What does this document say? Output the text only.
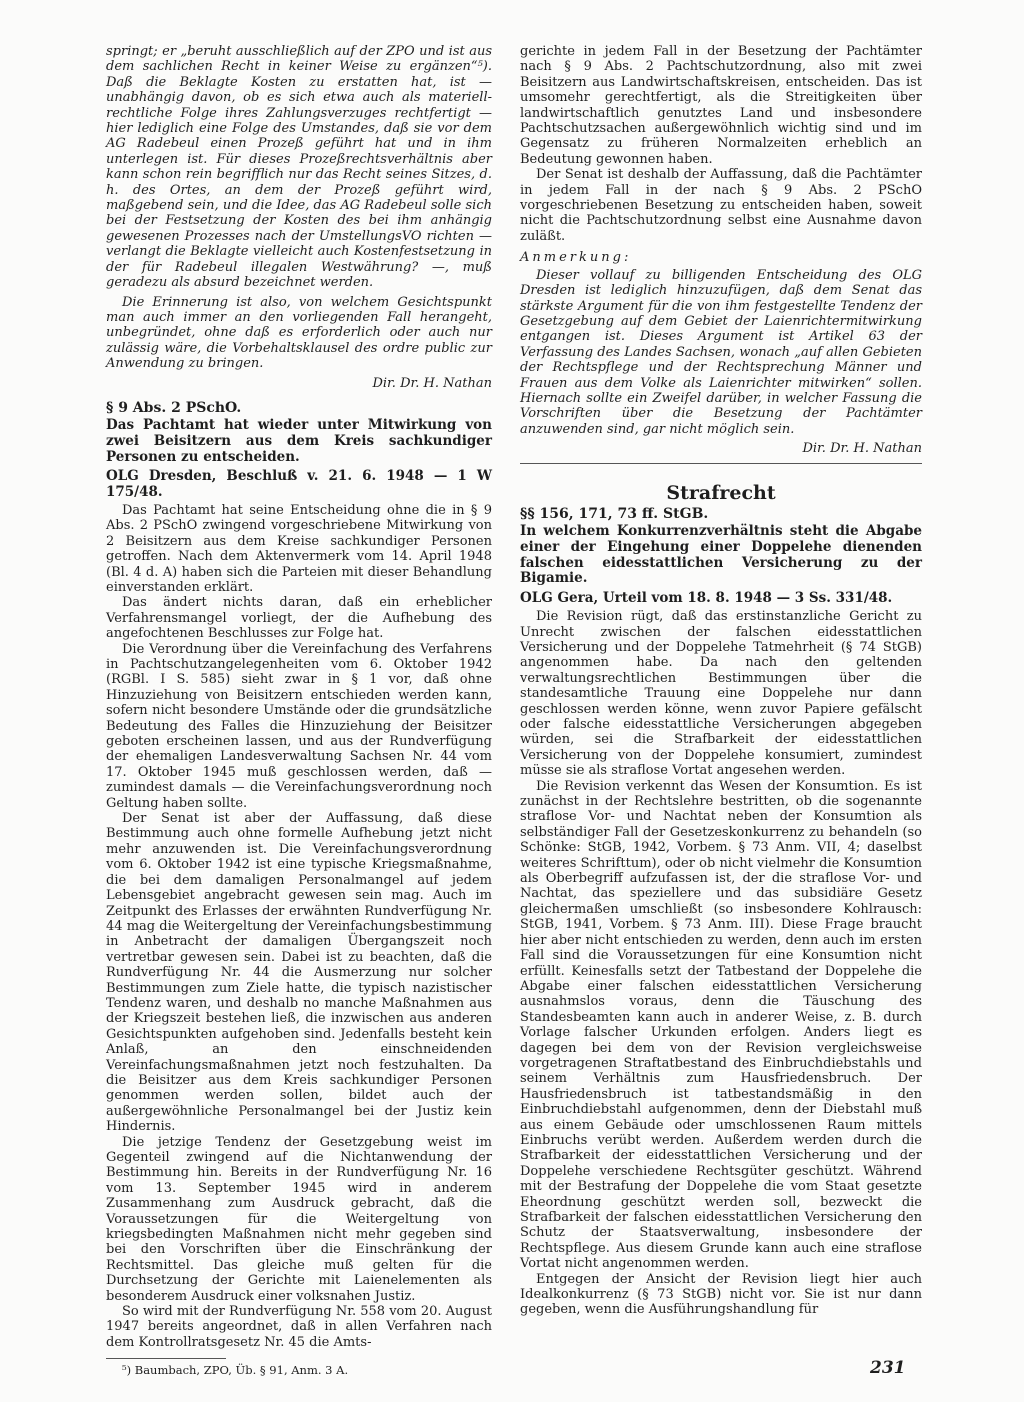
springt; er „beruht ausschließlich auf der ZPO und ist aus dem sachlichen Recht in keiner Weise zu ergänzen“⁵). Daß die Beklagte Kosten zu erstatten hat, ist — unabhängig davon, ob es sich etwa auch als materiell-rechtliche Folge ihres Zahlungsverzuges rechtfertigt — hier lediglich eine Folge des Umstandes, daß sie vor dem AG Radebeul einen Prozeß geführt hat und in ihm unterlegen ist. Für dieses Prozeßrechtsverhältnis aber kann schon rein begrifflich nur das Recht seines Sitzes, d. h. des Ortes, an dem der Prozeß geführt wird, maßgebend sein, und die Idee, das AG Radebeul solle sich bei der Festsetzung der Kosten des bei ihm anhängig gewesenen Prozesses nach der UmstellungsVO richten — verlangt die Beklagte vielleicht auch Kostenfestsetzung in der für Radebeul illegalen Westwährung? —, muß geradezu als absurd bezeichnet werden.

Die Erinnerung ist also, von welchem Gesichtspunkt man auch immer an den vorliegenden Fall herangeht, unbegründet, ohne daß es erforderlich oder auch nur zulässig wäre, die Vorbehaltsklausel des ordre public zur Anwendung zu bringen.

Dir. Dr. H. Nathan
§ 9 Abs. 2 PSchO.
Das Pachtamt hat wieder unter Mitwirkung von zwei Beisitzern aus dem Kreis sachkundiger Personen zu entscheiden.
OLG Dresden, Beschluß v. 21. 6. 1948 — 1 W 175/48.

Das Pachtamt hat seine Entscheidung ohne die in § 9 Abs. 2 PSchO zwingend vorgeschriebene Mitwirkung von 2 Beisitzern aus dem Kreise sachkundiger Personen getroffen. Nach dem Aktenvermerk vom 14. April 1948 (Bl. 4 d. A) haben sich die Parteien mit dieser Behandlung einverstanden erklärt.

Das ändert nichts daran, daß ein erheblicher Verfahrensmangel vorliegt, der die Aufhebung des angefochtenen Beschlusses zur Folge hat.

Die Verordnung über die Vereinfachung des Verfahrens in Pachtschutzangelegenheiten vom 6. Oktober 1942 (RGBl. I S. 585) sieht zwar in § 1 vor, daß ohne Hinzuziehung von Beisitzern entschieden werden kann, sofern nicht besondere Umstände oder die grundsätzliche Bedeutung des Falles die Hinzuziehung der Beisitzer geboten erscheinen lassen, und aus der Rundverfügung der ehemaligen Landesverwaltung Sachsen Nr. 44 vom 17. Oktober 1945 muß geschlossen werden, daß — zumindest damals — die Vereinfachungsverordnung noch Geltung haben sollte.

Der Senat ist aber der Auffassung, daß diese Bestimmung auch ohne formelle Aufhebung jetzt nicht mehr anzuwenden ist. Die Vereinfachungsverordnung vom 6. Oktober 1942 ist eine typische Kriegsmaßnahme, die bei dem damaligen Personalmangel auf jedem Lebensgebiet angebracht gewesen sein mag. Auch im Zeitpunkt des Erlasses der erwähnten Rundverfügung Nr. 44 mag die Weitergeltung der Vereinfachungsbestimmung in Anbetracht der damaligen Übergangszeit noch vertretbar gewesen sein. Dabei ist zu beachten, daß die Rundverfügung Nr. 44 die Ausmerzung nur solcher Bestimmungen zum Ziele hatte, die typisch nazistischer Tendenz waren, und deshalb no manche Maßnahmen aus der Kriegszeit bestehen ließ, die inzwischen aus anderen Gesichtspunkten aufgehoben sind. Jedenfalls besteht kein Anlaß, an den einschneidenden Vereinfachungsmaßnahmen jetzt noch festzuhalten. Da die Beisitzer aus dem Kreis sachkundiger Personen genommen werden sollen, bildet auch der außergewöhnliche Personalmangel bei der Justiz kein Hindernis.

Die jetzige Tendenz der Gesetzgebung weist im Gegenteil zwingend auf die Nichtanwendung der Bestimmung hin. Bereits in der Rundverfügung Nr. 16 vom 13. September 1945 wird in anderem Zusammenhang zum Ausdruck gebracht, daß die Voraussetzungen für die Weitergeltung von kriegsbedingten Maßnahmen nicht mehr gegeben sind bei den Vorschriften über die Einschränkung der Rechtsmittel. Das gleiche muß gelten für die Durchsetzung der Gerichte mit Laienelementen als besonderem Ausdruck einer volksnahen Justiz.

So wird mit der Rundverfügung Nr. 558 vom 20. August 1947 bereits angeordnet, daß in allen Verfahren nach dem Kontrollratsgesetz Nr. 45 die Amts-

⁵) Baumbach, ZPO, Üb. § 91, Anm. 3 A.

gerichte in jedem Fall in der Besetzung der Pachtämter nach § 9 Abs. 2 Pachtschutzordnung, also mit zwei Beisitzern aus Landwirtschaftskreisen, entscheiden. Das ist umsomehr gerechtfertigt, als die Streitigkeiten über landwirtschaftlich genutztes Land und insbesondere Pachtschutzsachen außergewöhnlich wichtig sind und im Gegensatz zu früheren Normalzeiten erheblich an Bedeutung gewonnen haben.

Der Senat ist deshalb der Auffassung, daß die Pachtämter in jedem Fall in der nach § 9 Abs. 2 PSchO vorgeschriebenen Besetzung zu entscheiden haben, soweit nicht die Pachtschutzordnung selbst eine Ausnahme davon zuläßt.

Anmerkung:

Dieser vollauf zu billigenden Entscheidung des OLG Dresden ist lediglich hinzuzufügen, daß dem Senat das stärkste Argument für die von ihm festgestellte Tendenz der Gesetzgebung auf dem Gebiet der Laienrichtermitwirkung entgangen ist. Dieses Argument ist Artikel 63 der Verfassung des Landes Sachsen, wonach „auf allen Gebieten der Rechtspflege und der Rechtsprechung Männer und Frauen aus dem Volke als Laienrichter mitwirken“ sollen. Hiernach sollte ein Zweifel darüber, in welcher Fassung die Vorschriften über die Besetzung der Pachtämter anzuwenden sind, gar nicht möglich sein.

Dir. Dr. H. Nathan
Strafrecht
§§ 156, 171, 73 ff. StGB.
In welchem Konkurrenzverhältnis steht die Abgabe einer der Eingehung einer Doppelehe dienenden falschen eidesstattlichen Versicherung zu der Bigamie.
OLG Gera, Urteil vom 18. 8. 1948 — 3 Ss. 331/48.

Die Revision rügt, daß das erstinstanzliche Gericht zu Unrecht zwischen der falschen eidesstattlichen Versicherung und der Doppelehe Tatmehrheit (§ 74 StGB) angenommen habe. Da nach den geltenden verwaltungsrechtlichen Bestimmungen über die standesamtliche Trauung eine Doppelehe nur dann geschlossen werden könne, wenn zuvor Papiere gefälscht oder falsche eidesstattliche Versicherungen abgegeben würden, sei die Strafbarkeit der eidesstattlichen Versicherung von der Doppelehe konsumiert, zumindest müsse sie als straflose Vortat angesehen werden.

Die Revision verkennt das Wesen der Konsumtion. Es ist zunächst in der Rechtslehre bestritten, ob die sogenannte straflose Vor- und Nachtat neben der Konsumtion als selbständiger Fall der Gesetzeskonkurrenz zu behandeln (so Schönke: StGB, 1942, Vorbem. § 73 Anm. VII, 4; daselbst weiteres Schrifttum), oder ob nicht vielmehr die Konsumtion als Oberbegriff aufzufassen ist, der die straflose Vor- und Nachtat, das speziellere und das subsidiäre Gesetz gleichermaßen umschließt (so insbesondere Kohlrausch: StGB, 1941, Vorbem. § 73 Anm. III). Diese Frage braucht hier aber nicht entschieden zu werden, denn auch im ersten Fall sind die Voraussetzungen für eine Konsumtion nicht erfüllt. Keinesfalls setzt der Tatbestand der Doppelehe die Abgabe einer falschen eidesstattlichen Versicherung ausnahmslos voraus, denn die Täuschung des Standesbeamten kann auch in anderer Weise, z. B. durch Vorlage falscher Urkunden erfolgen. Anders liegt es dagegen bei dem von der Revision vergleichsweise vorgetragenen Straftatbestand des Einbruchdiebstahls und seinem Verhältnis zum Hausfriedensbruch. Der Hausfriedensbruch ist tatbestandsmäßig in den Einbruchdiebstahl aufgenommen, denn der Diebstahl muß aus einem Gebäude oder umschlossenen Raum mittels Einbruchs verübt werden. Außerdem werden durch die Strafbarkeit der eidesstattlichen Versicherung und der Doppelehe verschiedene Rechtsgüter geschützt. Während mit der Bestrafung der Doppelehe die vom Staat gesetzte Eheordnung geschützt werden soll, bezweckt die Strafbarkeit der falschen eidesstattlichen Versicherung den Schutz der Staatsverwaltung, insbesondere der Rechtspflege. Aus diesem Grunde kann auch eine straflose Vortat nicht angenommen werden.

Entgegen der Ansicht der Revision liegt hier auch Idealkonkurrenz (§ 73 StGB) nicht vor. Sie ist nur dann gegeben, wenn die Ausführungshandlung für

231
